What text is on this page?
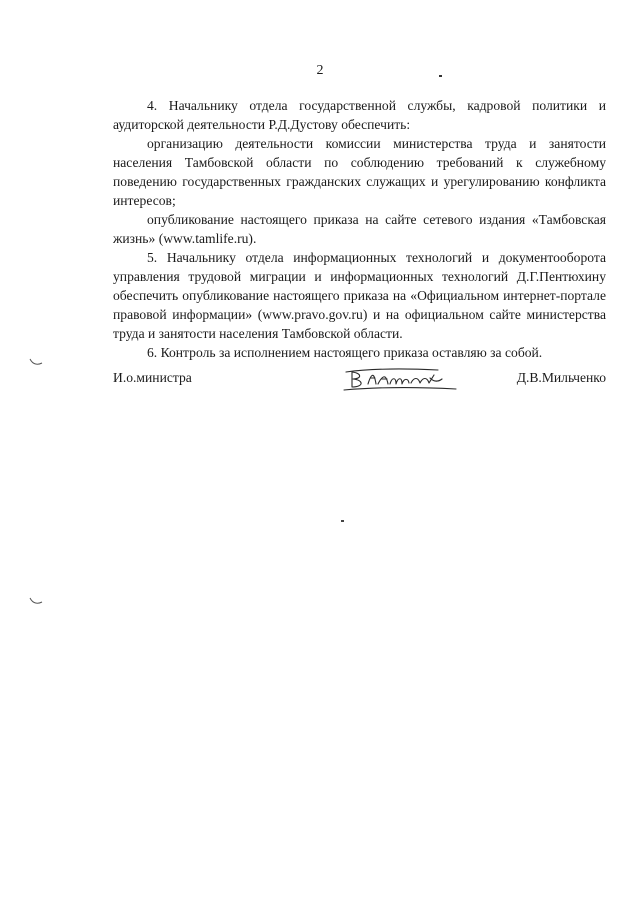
2

4. Начальнику отдела государственной службы, кадровой политики и аудиторской деятельности Р.Д.Дустову обеспечить:

организацию деятельности комиссии министерства труда и занятости населения Тамбовской области по соблюдению требований к служебному поведению государственных гражданских служащих и урегулированию конфликта интересов;

опубликование настоящего приказа на сайте сетевого издания «Тамбовская жизнь» (www.tamlife.ru).

5. Начальнику отдела информационных технологий и документооборота управления трудовой миграции и информационных технологий Д.Г.Пентюхину обеспечить опубликование настоящего приказа на «Официальном интернет-портале правовой информации» (www.pravo.gov.ru) и на официальном сайте министерства труда и занятости населения Тамбовской области.

6. Контроль за исполнением настоящего приказа оставляю за собой.

И.о.министра	Д.В.Мильченко
